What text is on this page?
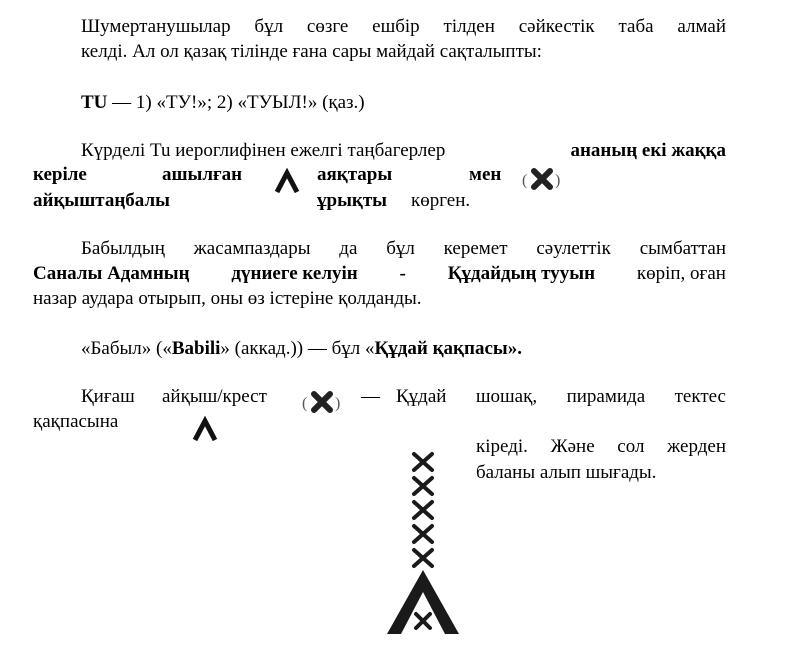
Шумертанушылар бұл сөзге ешбір тілден сәйкестік таба алмай
келді. Ал ол қазақ тілінде ғана сары майдай сақталыпты:
TU — 1) «ТУ!»; 2) «ТУЫЛ!» (қаз.)
Күрделі Tu иероглифінен ежелгі таңбагерлер	ананың екі жаққа
керіле	ашылған	аяқтары	мен ( )
айқыштаңбалы	ұрықты көрген.
Бабылдың жасампаздары да бұл керемет сәулеттік сымбаттан
Саналы Адамның дүниеге келуін - Құдайдың тууын көріп, оған
назар аудара отырып, оны өз істеріне қолданды.
«Бабыл» («Babili» (аккад.)) — бұл «Құдай қақпасы».
Қиғаш айқыш/крест ( ) — Құдай шошақ, пирамида тектес
қақпасына
кіреді. Және сол жерден
баланы алып шығады.
